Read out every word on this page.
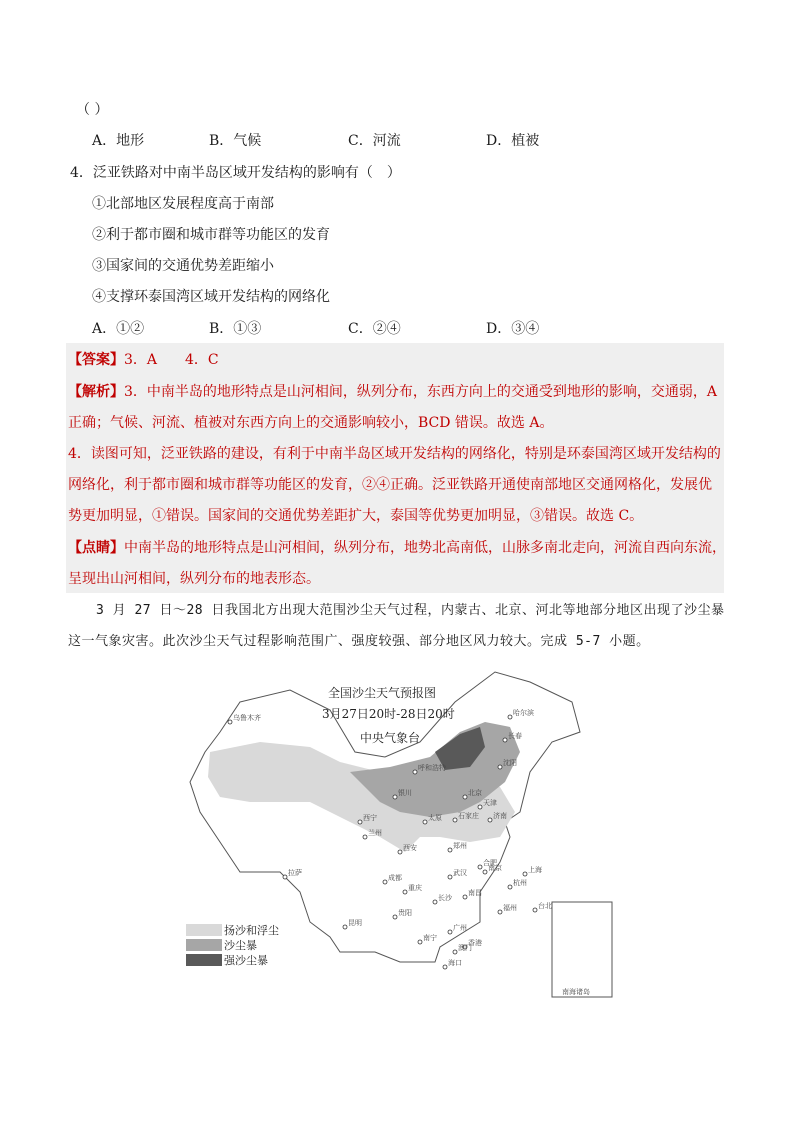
（ ）
A．地形	B．气候	C．河流	D．植被
4．泛亚铁路对中南半岛区域开发结构的影响有（　）
①北部地区发展程度高于南部
②利于都市圈和城市群等功能区的发育
③国家间的交通优势差距缩小
④支撑环泰国湾区域开发结构的网络化
A．①②	B．①③	C．②④	D．③④
【答案】3．A　　4．C
【解析】3．中南半岛的地形特点是山河相间，纵列分布，东西方向上的交通受到地形的影响，交通弱，A
正确；气候、河流、植被对东西方向上的交通影响较小，BCD 错误。故选 A。
4．读图可知，泛亚铁路的建设，有利于中南半岛区域开发结构的网络化，特别是环泰国湾区域开发结构的
网络化，利于都市圈和城市群等功能区的发育，②④正确。泛亚铁路开通使南部地区交通网格化，发展优
势更加明显，①错误。国家间的交通优势差距扩大，泰国等优势更加明显，③错误。故选 C。
【点睛】中南半岛的地形特点是山河相间，纵列分布，地势北高南低，山脉多南北走向，河流自西向东流，
呈现出山河相间，纵列分布的地表形态。
3 月 27 日～28 日我国北方出现大范围沙尘天气过程，内蒙古、北京、河北等地部分地区出现了沙尘暴
这一气象灾害。此次沙尘天气过程影响范围广、强度较强、部分地区风力较大。完成 5-7 小题。
南海诸岛
全国沙尘天气预报图
3月27日20时-28日20时
中央气象台
乌鲁木齐
哈尔滨
长春
呼和浩特
沈阳
银川	北京
天津
西宁	太原 石家庄 济南
兰州
西安	郑州
拉萨
合肥
南京	上海
成都
武汉
杭州
重庆
长沙
南昌
贵阳
福州	台北
昆明
广州
南宁
香港
澳门
海口
扬沙和浮尘
沙尘暴
强沙尘暴
